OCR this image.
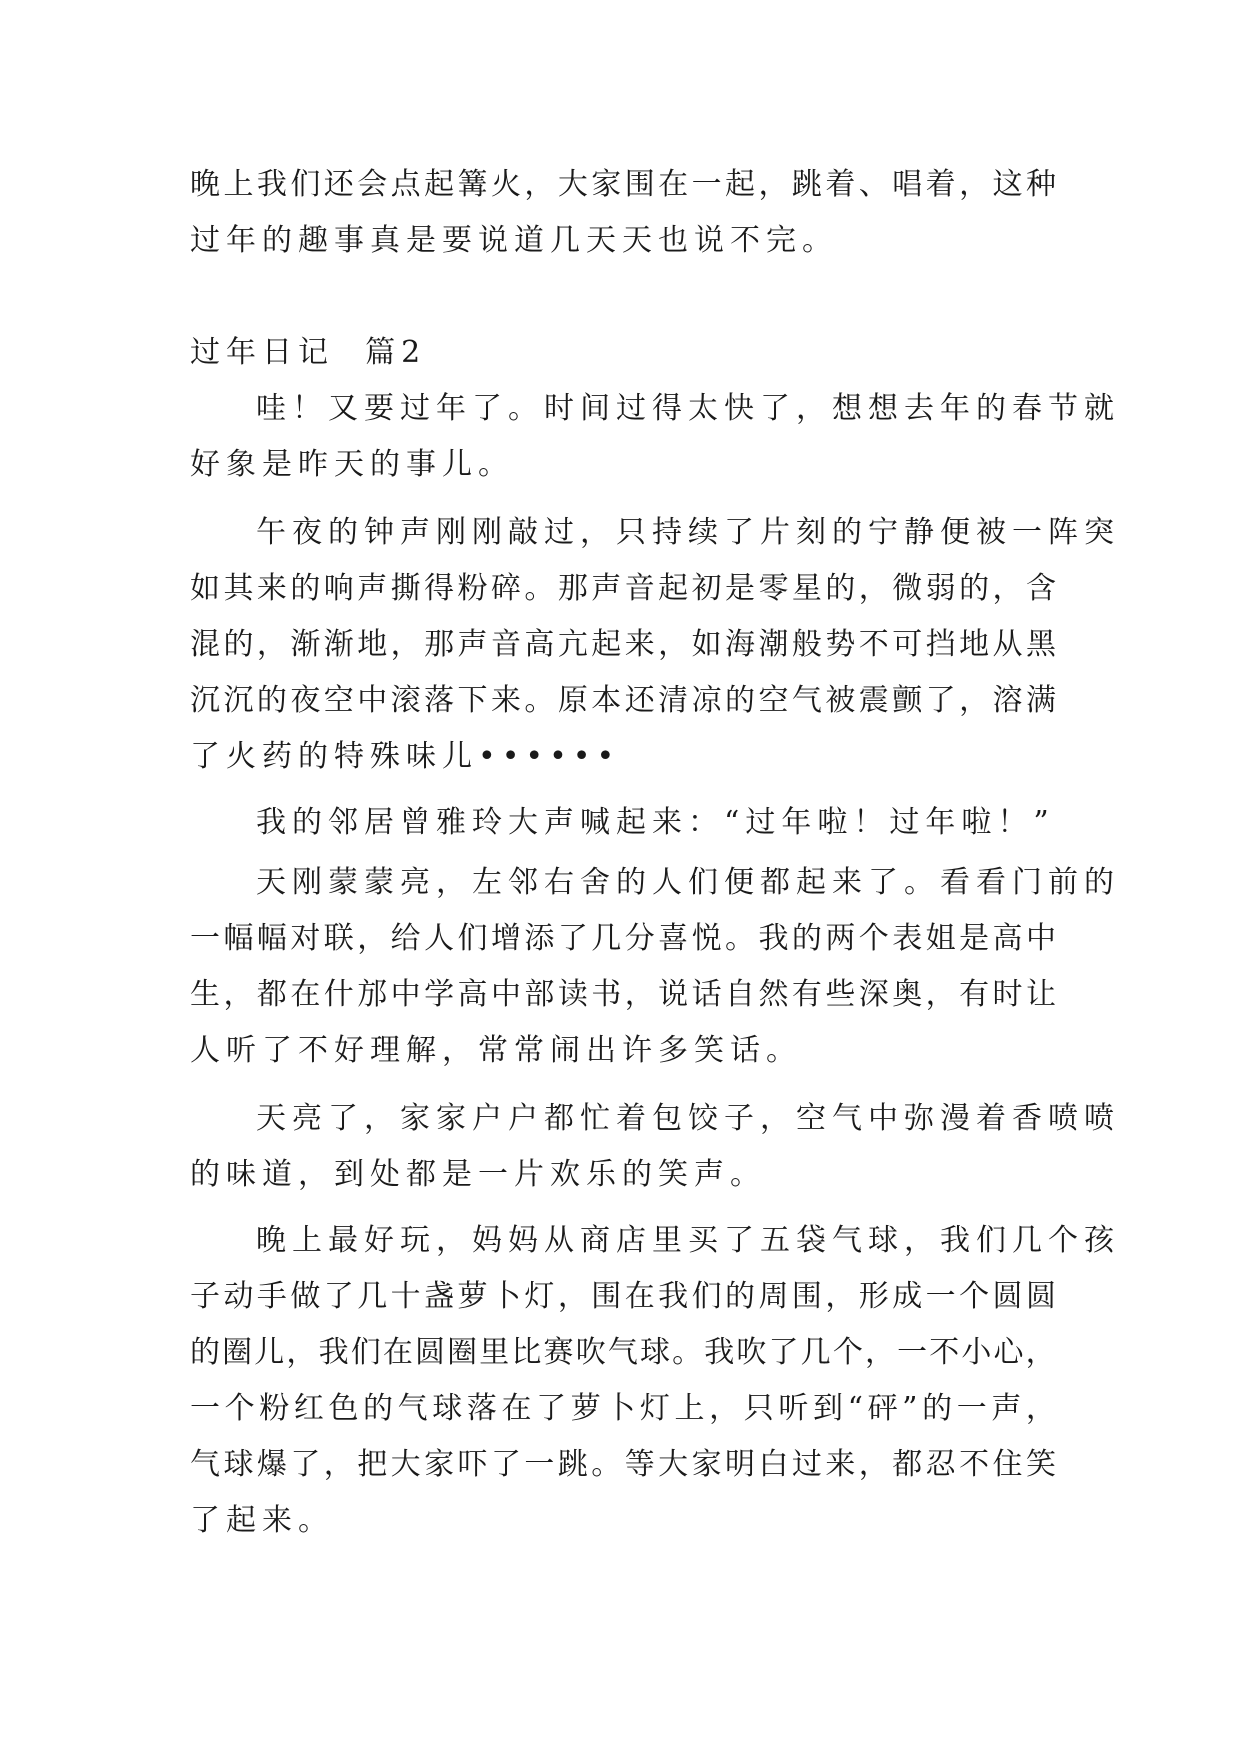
晚 上 我 们 还 会 点 起 篝 火 ， 大 家 围 在 一 起 ， 跳 着 、 唱 着 ， 这 种
过年的趣事真是要说道几天天也说不完。
过年日记  篇2
哇！又要过年了。时间过得太快了，想想去年的春节就
好象是昨天的事儿。
午夜的钟声刚刚敲过，只持续了片刻的宁静便被一阵突
如 其 来 的 响 声 撕 得 粉 碎 。 那 声 音 起 初 是 零 星 的 ， 微 弱 的 ， 含
混 的 ， 渐 渐 地 ， 那 声 音 高 亢 起 来 ， 如 海 潮 般 势 不 可 挡 地 从 黑
沉 沉 的 夜 空 中 滚 落 下 来 。 原 本 还 清 凉 的 空 气 被 震 颤 了 ， 溶 满
了火药的特殊味儿••••••
我的邻居曾雅玲大声喊起来：“过年啦！过年啦！”
天刚蒙蒙亮，左邻右舍的人们便都起来了。看看门前的
一 幅 幅 对 联 ， 给 人 们 增 添 了 几 分 喜 悦 。 我 的 两 个 表 姐 是 高 中
生 ， 都 在 什 邡 中 学 高 中 部 读 书 ， 说 话 自 然 有 些 深 奥 ， 有 时 让
人听了不好理解，常常闹出许多笑话。
天亮了，家家户户都忙着包饺子，空气中弥漫着香喷喷
的味道，到处都是一片欢乐的笑声。
晚上最好玩，妈妈从商店里买了五袋气球，我们几个孩
子 动 手 做 了 几 十 盏 萝 卜 灯 ， 围 在 我 们 的 周 围 ， 形 成 一 个 圆 圆
的 圈 儿 ， 我 们 在 圆 圈 里 比 赛 吹 气 球 。 我 吹 了 几 个 ， 一 不 小 心 ，
一 个 粉 红 色 的 气 球 落 在 了 萝 卜 灯 上 ， 只 听 到 “ 砰 ” 的 一 声 ，
气 球 爆 了 ， 把 大 家 吓 了 一 跳 。 等 大 家 明 白 过 来 ， 都 忍 不 住 笑
了起来。
